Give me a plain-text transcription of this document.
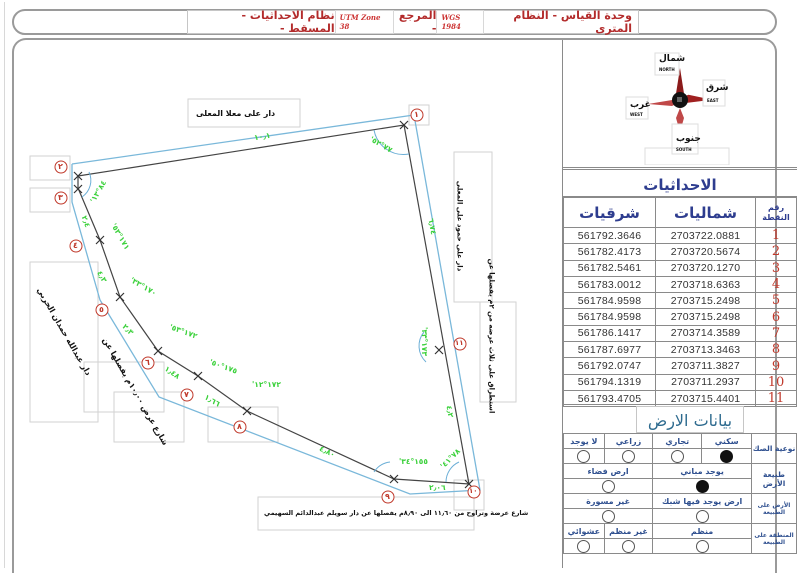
نظام الاحداثيات - المسقط -
UTM Zone 38
المرجع -
WGS 1984
وحدة القياس - النظام المترى
شمال
NORTH
شرق
EAST
غرب
WEST
جنوب
SOUTH
الاحداثيات
شرقيات	شماليات	رقم النقطة
561792.3646	2703722.0881	1
561782.4173	2703720.5674	2
561782.5461	2703720.1270	3
561783.0012	2703718.6363	4
561784.9598	2703715.2498	5
561784.9598	2703715.2498	6
561786.1417	2703714.3589	7
561787.6977	2703713.3463	8
561792.0747	2703711.3827	9
561794.1319	2703711.2937	10
561793.4705	2703715.4401	11
بيانات الارض
نوعية الصك	سكني	تجاري	زراعي	لا يوجد

طبيعة الأرض	يوجد مباني		ارض فضاء	

الأرض على الطبيعة	ارض يوجد فيها شبك		غير مسورة	

المنطقة على الطبيعة	منظم		غير منظم	عشوائي

١
٢
٣
٤
٥
٦
٧
٨
٩
١٠
١١
١٠٫١
٦٫٧٤
٤٫٢
٢٫٤
٤٫٣
٢٫٣
١٫٤٨
١٫٦٦
٤٫٨٠
٢٫٠٦
٧٧°٥٢'
٨٤°١٣'
١٧١°٥٣'
١٧٠°٣٣'
١٧٢°٥٣'
١٧٥°٥٠'
١٧٢°١٢'
١٥٥°٣٤'
٧٨°٤١'
١٧٣°٣٣'
دار على معلا المعلى
دار على حمود على المعلى
استطراق على ثلاث عرضه من ٢م يفصلها عن
دار عبدالله حمدان الحربي شارع عرض ١٠٫٠٠م يفصلها عن
شارع عرضة وتراوح من ١١٫٦٠ الى ٨٫٩٠م يفصلها عن دار سويلم عبدالدائم السهيمي
